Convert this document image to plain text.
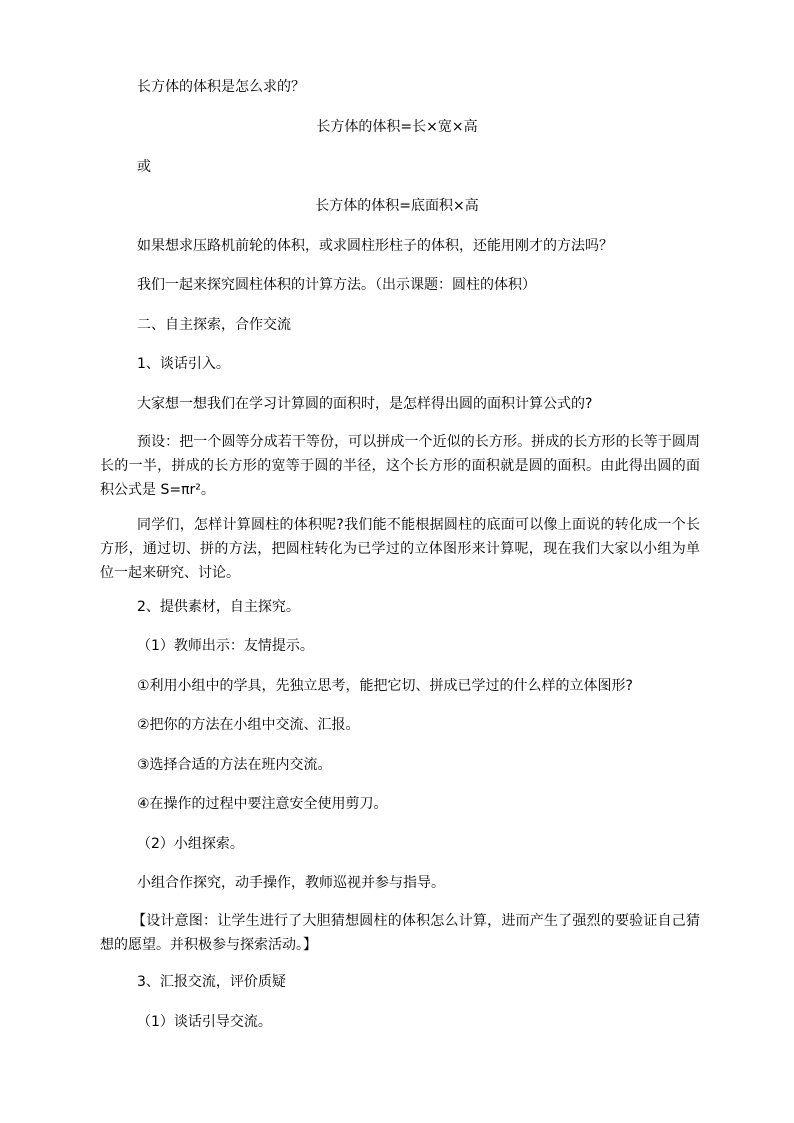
长方体的体积是怎么求的？
长方体的体积=长×宽×高
或
长方体的体积=底面积×高
如果想求压路机前轮的体积，或求圆柱形柱子的体积，还能用刚才的方法吗？
我们一起来探究圆柱体积的计算方法。（出示课题：圆柱的体积）
二、自主探索，合作交流
1、谈话引入。
大家想一想我们在学习计算圆的面积时，是怎样得出圆的面积计算公式的?
预设：把一个圆等分成若干等份，可以拼成一个近似的长方形。拼成的长方形的长等于圆周长的一半，拼成的长方形的宽等于圆的半径，这个长方形的面积就是圆的面积。由此得出圆的面积公式是 S=πr²。
同学们，怎样计算圆柱的体积呢?我们能不能根据圆柱的底面可以像上面说的转化成一个长方形，通过切、拼的方法，把圆柱转化为已学过的立体图形来计算呢，现在我们大家以小组为单位一起来研究、讨论。
2、提供素材，自主探究。
（1）教师出示：友情提示。
①利用小组中的学具，先独立思考，能把它切、拼成已学过的什么样的立体图形?
②把你的方法在小组中交流、汇报。
③选择合适的方法在班内交流。
④在操作的过程中要注意安全使用剪刀。
（2）小组探索。
小组合作探究，动手操作，教师巡视并参与指导。
【设计意图：让学生进行了大胆猜想圆柱的体积怎么计算，进而产生了强烈的要验证自己猜想的愿望。并积极参与探索活动。】
3、汇报交流，评价质疑
（1）谈话引导交流。
